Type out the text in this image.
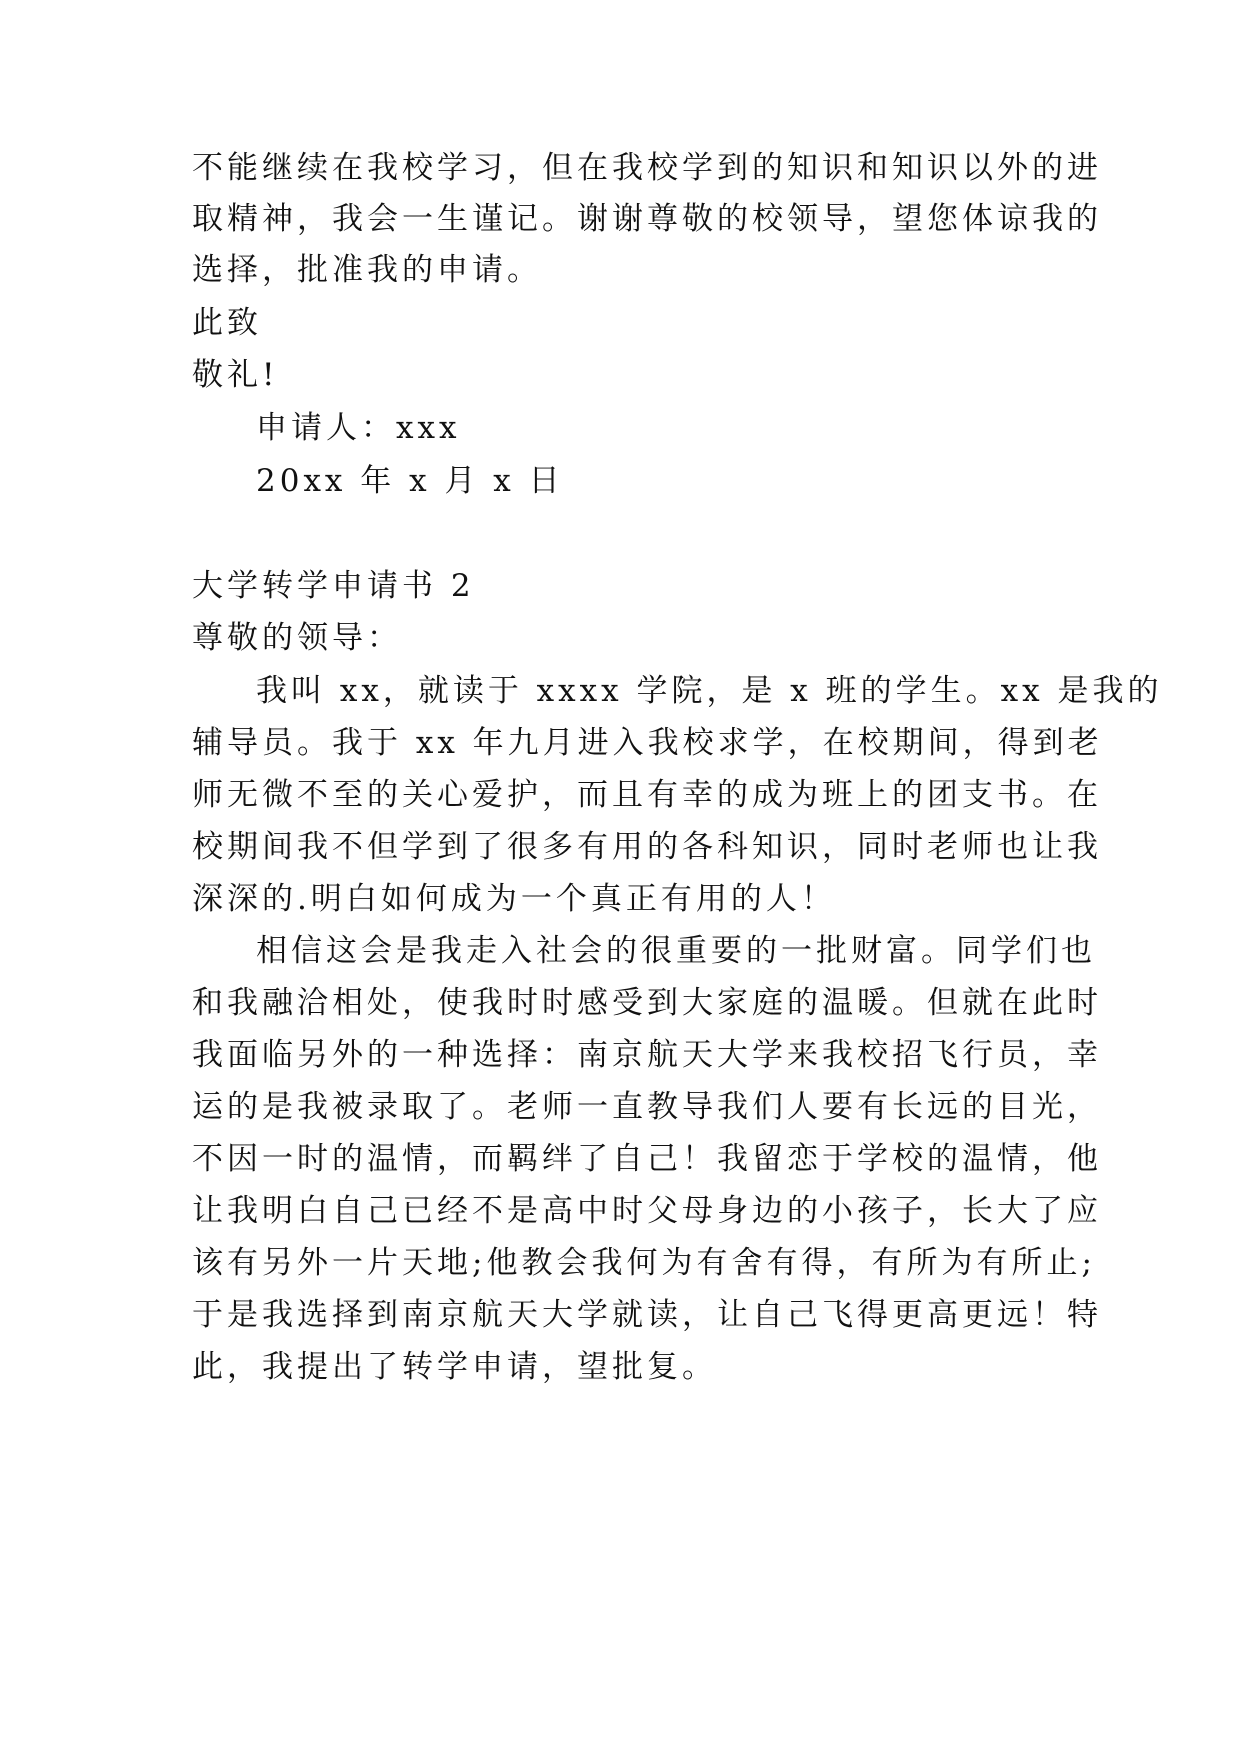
不能继续在我校学习，但在我校学到的知识和知识以外的进
取精神，我会一生谨记。谢谢尊敬的校领导，望您体谅我的
选择，批准我的申请。
此致
敬礼!
申请人：xxx
20xx 年 x 月 x 日
大学转学申请书 2
尊敬的领导：
我叫 xx，就读于 xxxx 学院，是 x 班的学生。xx 是我的
辅导员。我于 xx 年九月进入我校求学，在校期间，得到老
师无微不至的关心爱护，而且有幸的成为班上的团支书。在
校期间我不但学到了很多有用的各科知识，同时老师也让我
深深的.明白如何成为一个真正有用的人！
相信这会是我走入社会的很重要的一批财富。同学们也
和我融洽相处，使我时时感受到大家庭的温暖。但就在此时
我面临另外的一种选择：南京航天大学来我校招飞行员，幸
运的是我被录取了。老师一直教导我们人要有长远的目光，
不因一时的温情，而羁绊了自己！我留恋于学校的温情，他
让我明白自己已经不是高中时父母身边的小孩子，长大了应
该有另外一片天地;他教会我何为有舍有得，有所为有所止;
于是我选择到南京航天大学就读，让自己飞得更高更远！特
此，我提出了转学申请，望批复。
